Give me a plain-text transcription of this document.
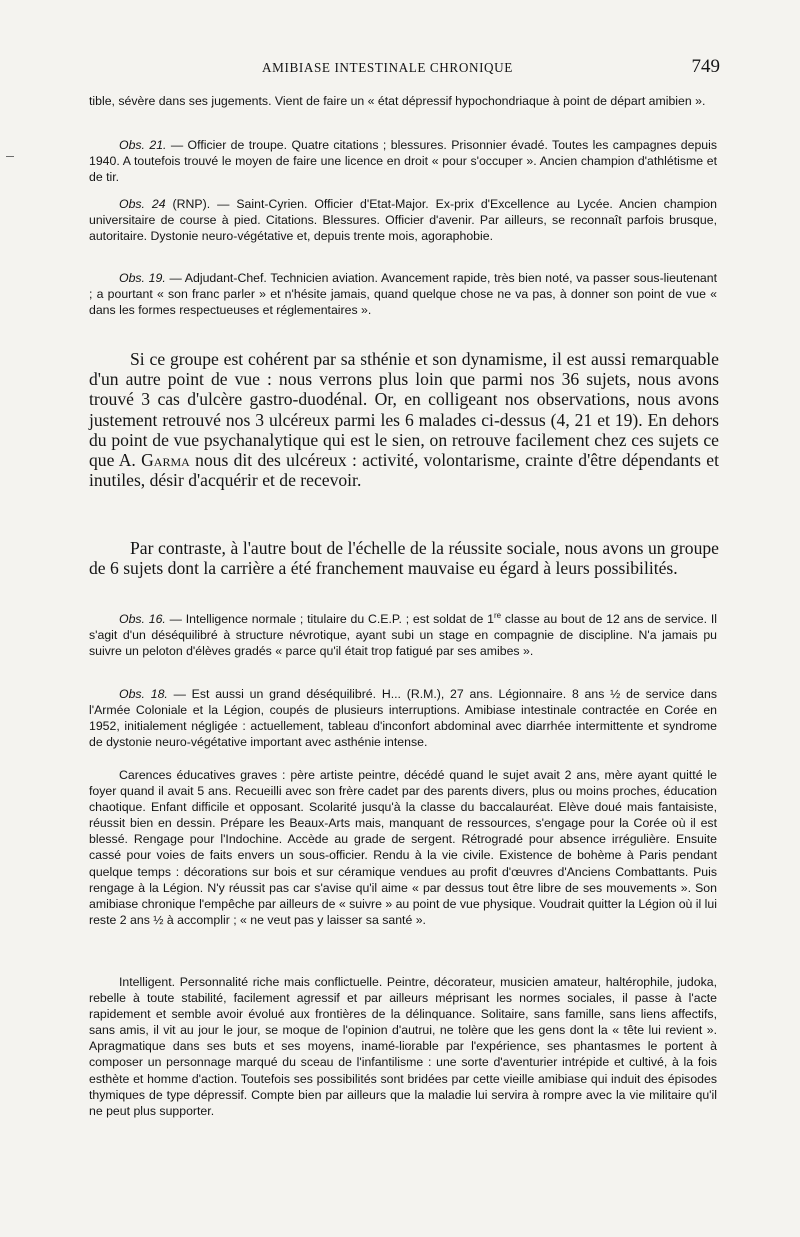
AMIBIASE INTESTINALE CHRONIQUE	749

tible, sévère dans ses jugements. Vient de faire un « état dépressif hypochondriaque à point de départ amibien ».

Obs. 21. — Officier de troupe. Quatre citations ; blessures. Prisonnier évadé. Toutes les campagnes depuis 1940. A toutefois trouvé le moyen de faire une licence en droit « pour s'occuper ». Ancien champion d'athlétisme et de tir.

Obs. 24 (RNP). — Saint-Cyrien. Officier d'Etat-Major. Ex-prix d'Excellence au Lycée. Ancien champion universitaire de course à pied. Citations. Blessures. Officier d'avenir. Par ailleurs, se reconnaît parfois brusque, autoritaire. Dystonie neuro-végétative et, depuis trente mois, agoraphobie.

Obs. 19. — Adjudant-Chef. Technicien aviation. Avancement rapide, très bien noté, va passer sous-lieutenant ; a pourtant « son franc parler » et n'hésite jamais, quand quelque chose ne va pas, à donner son point de vue « dans les formes respectueuses et réglementaires ».

Si ce groupe est cohérent par sa sthénie et son dynamisme, il est aussi remarquable d'un autre point de vue : nous verrons plus loin que parmi nos 36 sujets, nous avons trouvé 3 cas d'ulcère gastro-duodénal. Or, en colligeant nos observations, nous avons justement retrouvé nos 3 ulcéreux parmi les 6 malades ci-dessus (4, 21 et 19). En dehors du point de vue psychanalytique qui est le sien, on retrouve facilement chez ces sujets ce que A. Garma nous dit des ulcéreux : activité, volontarisme, crainte d'être dépendants et inutiles, désir d'acquérir et de recevoir.

Par contraste, à l'autre bout de l'échelle de la réussite sociale, nous avons un groupe de 6 sujets dont la carrière a été franchement mauvaise eu égard à leurs possibilités.

Obs. 16. — Intelligence normale ; titulaire du C.E.P. ; est soldat de 1re classe au bout de 12 ans de service. Il s'agit d'un déséquilibré à structure névrotique, ayant subi un stage en compagnie de discipline. N'a jamais pu suivre un peloton d'élèves gradés « parce qu'il était trop fatigué par ses amibes ».

Obs. 18. — Est aussi un grand déséquilibré. H... (R.M.), 27 ans. Légionnaire. 8 ans ½ de service dans l'Armée Coloniale et la Légion, coupés de plusieurs interruptions. Amibiase intestinale contractée en Corée en 1952, initialement négligée : actuellement, tableau d'inconfort abdominal avec diarrhée intermittente et syndrome de dystonie neuro-végétative important avec asthénie intense.

Carences éducatives graves : père artiste peintre, décédé quand le sujet avait 2 ans, mère ayant quitté le foyer quand il avait 5 ans. Recueilli avec son frère cadet par des parents divers, plus ou moins proches, éducation chaotique. Enfant difficile et opposant. Scolarité jusqu'à la classe du baccalauréat. Elève doué mais fantaisiste, réussit bien en dessin. Prépare les Beaux-Arts mais, manquant de ressources, s'engage pour la Corée où il est blessé. Rengage pour l'Indochine. Accède au grade de sergent. Rétrogradé pour absence irrégulière. Ensuite cassé pour voies de faits envers un sous-officier. Rendu à la vie civile. Existence de bohème à Paris pendant quelque temps : décorations sur bois et sur céramique vendues au profit d'œuvres d'Anciens Combattants. Puis rengage à la Légion. N'y réussit pas car s'avise qu'il aime « par dessus tout être libre de ses mouvements ». Son amibiase chronique l'empêche par ailleurs de « suivre » au point de vue physique. Voudrait quitter la Légion où il lui reste 2 ans ½ à accomplir ; « ne veut pas y laisser sa santé ».

Intelligent. Personnalité riche mais conflictuelle. Peintre, décorateur, musicien amateur, haltérophile, judoka, rebelle à toute stabilité, facilement agressif et par ailleurs méprisant les normes sociales, il passe à l'acte rapidement et semble avoir évolué aux frontières de la délinquance. Solitaire, sans famille, sans liens affectifs, sans amis, il vit au jour le jour, se moque de l'opinion d'autrui, ne tolère que les gens dont la « tête lui revient ». Apragmatique dans ses buts et ses moyens, inamé-liorable par l'expérience, ses phantasmes le portent à composer un personnage marqué du sceau de l'infantilisme : une sorte d'aventurier intrépide et cultivé, à la fois esthète et homme d'action. Toutefois ses possibilités sont bridées par cette vieille amibiase qui induit des épisodes thymiques de type dépressif. Compte bien par ailleurs que la maladie lui servira à rompre avec la vie militaire qu'il ne peut plus supporter.
